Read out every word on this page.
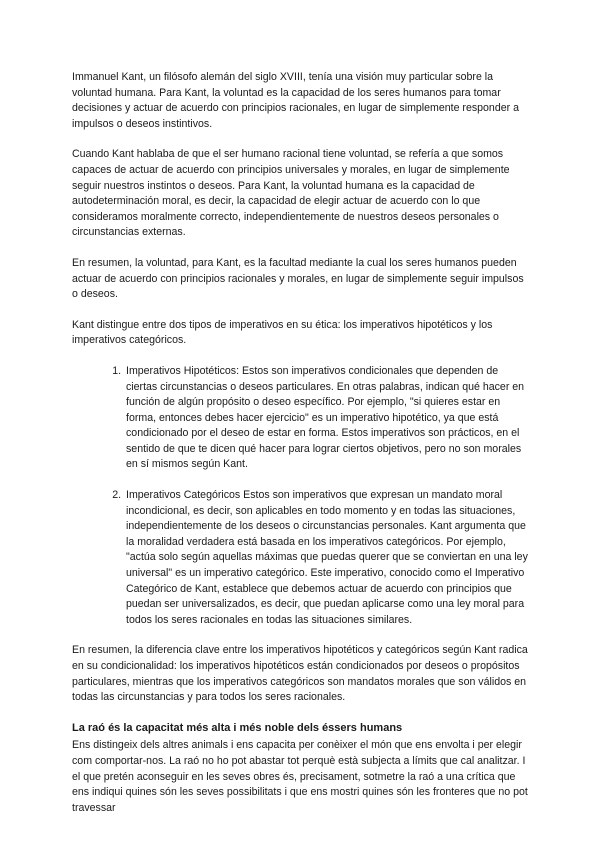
Immanuel Kant, un filósofo alemán del siglo XVIII, tenía una visión muy particular sobre la voluntad humana. Para Kant, la voluntad es la capacidad de los seres humanos para tomar decisiones y actuar de acuerdo con principios racionales, en lugar de simplemente responder a impulsos o deseos instintivos.

Cuando Kant hablaba de que el ser humano racional tiene voluntad, se refería a que somos capaces de actuar de acuerdo con principios universales y morales, en lugar de simplemente seguir nuestros instintos o deseos. Para Kant, la voluntad humana es la capacidad de autodeterminación moral, es decir, la capacidad de elegir actuar de acuerdo con lo que consideramos moralmente correcto, independientemente de nuestros deseos personales o circunstancias externas.

En resumen, la voluntad, para Kant, es la facultad mediante la cual los seres humanos pueden actuar de acuerdo con principios racionales y morales, en lugar de simplemente seguir impulsos o deseos.

Kant distingue entre dos tipos de imperativos en su ética: los imperativos hipotéticos y los imperativos categóricos.

1. Imperativos Hipotéticos: Estos son imperativos condicionales que dependen de ciertas circunstancias o deseos particulares. En otras palabras, indican qué hacer en función de algún propósito o deseo específico. Por ejemplo, "si quieres estar en forma, entonces debes hacer ejercicio" es un imperativo hipotético, ya que está condicionado por el deseo de estar en forma. Estos imperativos son prácticos, en el sentido de que te dicen qué hacer para lograr ciertos objetivos, pero no son morales en sí mismos según Kant.
2. Imperativos Categóricos Estos son imperativos que expresan un mandato moral incondicional, es decir, son aplicables en todo momento y en todas las situaciones, independientemente de los deseos o circunstancias personales. Kant argumenta que la moralidad verdadera está basada en los imperativos categóricos. Por ejemplo, "actúa solo según aquellas máximas que puedas querer que se conviertan en una ley universal" es un imperativo categórico. Este imperativo, conocido como el Imperativo Categórico de Kant, establece que debemos actuar de acuerdo con principios que puedan ser universalizados, es decir, que puedan aplicarse como una ley moral para todos los seres racionales en todas las situaciones similares.

En resumen, la diferencia clave entre los imperativos hipotéticos y categóricos según Kant radica en su condicionalidad: los imperativos hipotéticos están condicionados por deseos o propósitos particulares, mientras que los imperativos categóricos son mandatos morales que son válidos en todas las circunstancias y para todos los seres racionales.

La raó és la capacitat més alta i més noble dels éssers humans

Ens distingeix dels altres animals i ens capacita per conèixer el món que ens envolta i per elegir com comportar-nos. La raó no ho pot abastar tot perquè està subjecta a límits que cal analitzar. I el que pretén aconseguir en les seves obres és, precisament, sotmetre la raó a una crítica que ens indiqui quines són les seves possibilitats i que ens mostri quines són les fronteres que no pot travessar
